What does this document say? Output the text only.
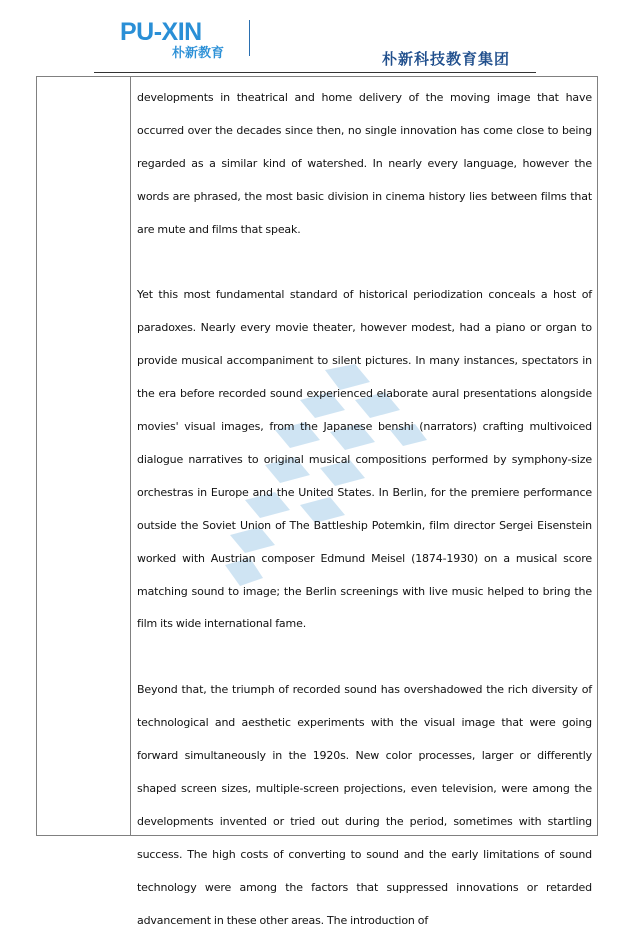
PU-XIN
朴新教育	朴新科技教育集团

developments in theatrical and home delivery of the moving image that have occurred over the decades since then, no single innovation has come close to being regarded as a similar kind of watershed. In nearly every language, however the words are phrased, the most basic division in cinema history lies between films that are mute and films that speak.

Yet this most fundamental standard of historical periodization conceals a host of paradoxes. Nearly every movie theater, however modest, had a piano or organ to provide musical accompaniment to silent pictures. In many instances, spectators in the era before recorded sound experienced elaborate aural presentations alongside movies' visual images, from the Japanese benshi (narrators) crafting multivoiced dialogue narratives to original musical compositions performed by symphony-size orchestras in Europe and the United States. In Berlin, for the premiere performance outside the Soviet Union of The Battleship Potemkin, film director Sergei Eisenstein worked with Austrian composer Edmund Meisel (1874-1930) on a musical score matching sound to image; the Berlin screenings with live music helped to bring the film its wide international fame.

Beyond that, the triumph of recorded sound has overshadowed the rich diversity of technological and aesthetic experiments with the visual image that were going forward simultaneously in the 1920s. New color processes, larger or differently shaped screen sizes, multiple-screen projections, even television, were among the developments invented or tried out during the period, sometimes with startling success. The high costs of converting to sound and the early limitations of sound technology were among the factors that suppressed innovations or retarded advancement in these other areas. The introduction of
